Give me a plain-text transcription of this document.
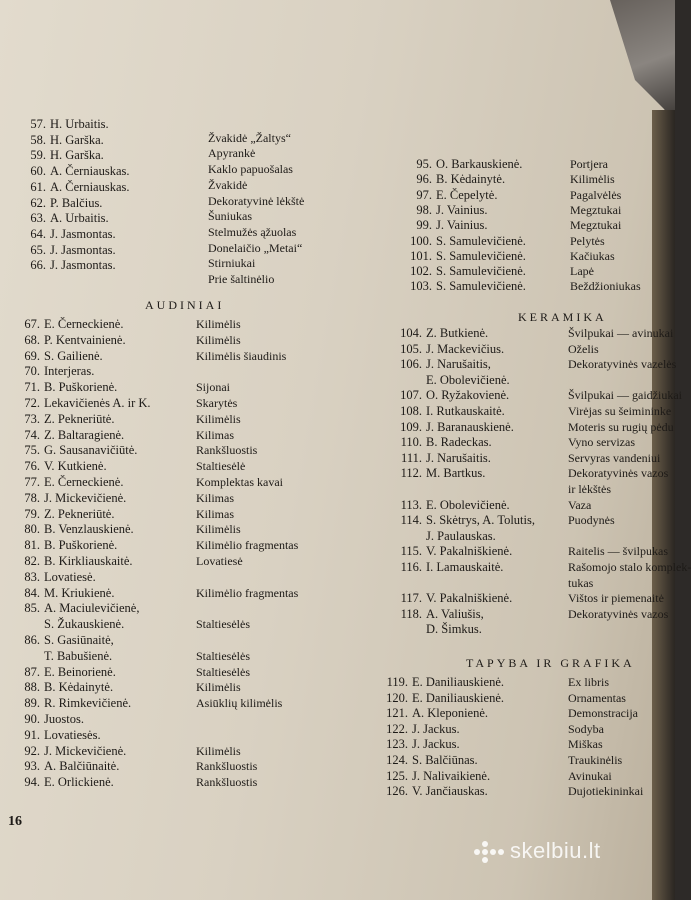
57. H. Urbaitis.
58. H. Garška.	Žvakidė „Žaltys“
59. H. Garška.	Apyrankė
60. A. Černiauskas.	Kaklo papuošalas
61. A. Černiauskas.	Žvakidė
62. P. Balčius.	Dekoratyvinė lėkštė
63. A. Urbaitis.	Šuniukas
64. J. Jasmontas.	Stelmužės ąžuolas
65. J. Jasmontas.	Donelaičio „Metai“
66. J. Jasmontas.	Stirniukai
Prie šaltinėlio
67. E. Černeckienė.	Kilimėlis
68. P. Kentvainienė.	Kilimėlis
69. S. Gailienė.	Kilimėlis šiaudinis
70. Interjeras.
71. B. Puškorienė.	Sijonai
72. Lekavičienės A. ir K.	Skarytės
73. Z. Pekneriūtė.	Kilimėlis
74. Z. Baltaragienė.	Kilimas
75. G. Sausanavičiūtė.	Rankšluostis
76. V. Kutkienė.	Staltiesėlė
77. E. Černeckienė.	Komplektas kavai
78. J. Mickevičienė.	Kilimas
79. Z. Pekneriūtė.	Kilimas
80. B. Venzlauskienė.	Kilimėlis
81. B. Puškorienė.	Kilimėlio fragmentas
82. B. Kirkliauskaitė.	Lovatiesė
83. Lovatiesė.
84. M. Kriukienė.	Kilimėlio fragmentas
85. A. Maciulevičienė,
S. Žukauskienė.	Staltiesėlės
86. S. Gasiūnaitė,
T. Babušienė.	Staltiesėlės
87. E. Beinorienė.	Staltiesėlės
88. B. Kėdainytė.	Kilimėlis
89. R. Rimkevičienė.	Asiūklių kilimėlis
90. Juostos.
91. Lovatiesės.
92. J. Mickevičienė.	Kilimėlis
93. A. Balčiūnaitė.	Rankšluostis
94. E. Orlickienė.	Rankšluostis
95. O. Barkauskienė.	Portjera
96. B. Kėdainytė.	Kilimėlis
97. E. Čepelytė.	Pagalvėlės
98. J. Vainius.	Megztukai
99. J. Vainius.	Megztukai
100. S. Samulevičienė.	Pelytės
101. S. Samulevičienė.	Kačiukas
102. S. Samulevičienė.	Lapė
103. S. Samulevičienė.	Beždžioniukas
104. Z. Butkienė.	Švilpukai — avinukai
105. J. Mackevičius.	Oželis
106. J. Narušaitis,	Dekoratyvinės vazelės
E. Obolevičienė.
107. O. Ryžakovienė.	Švilpukai — gaidžiukai
108. I. Rutkauskaitė.	Virėjas su šeimininke
109. J. Baranauskienė.	Moteris su rugių pėdu
110. B. Radeckas.	Vyno servizas
111. J. Narušaitis.	Servyras vandeniui
112. M. Bartkus.	Dekoratyvinės vazos
ir lėkštės
113. E. Obolevičienė.	Vaza
114. S. Skėtrys, A. Tolutis,	Puodynės
J. Paulauskas.
115. V. Pakalniškienė.	Raitelis — švilpukas
116. I. Lamauskaitė.	Rašomojo stalo komplek-
tukas
117. V. Pakalniškienė.	Vištos ir piemenaitė
118. A. Valiušis,	Dekoratyvinės vazos
D. Šimkus.
119. E. Daniliauskienė.	Ex libris
120. E. Daniliauskienė.	Ornamentas
121. A. Kleponienė.	Demonstracija
122. J. Jackus.	Sodyba
123. J. Jackus.	Miškas
124. S. Balčiūnas.	Traukinėlis
125. J. Nalivaikienė.	Avinukai
126. V. Jančiauskas.	Dujotiekininkai
AUDINIAI
KERAMIKA
TAPYBA IR GRAFIKA
16
skelbiu.lt
